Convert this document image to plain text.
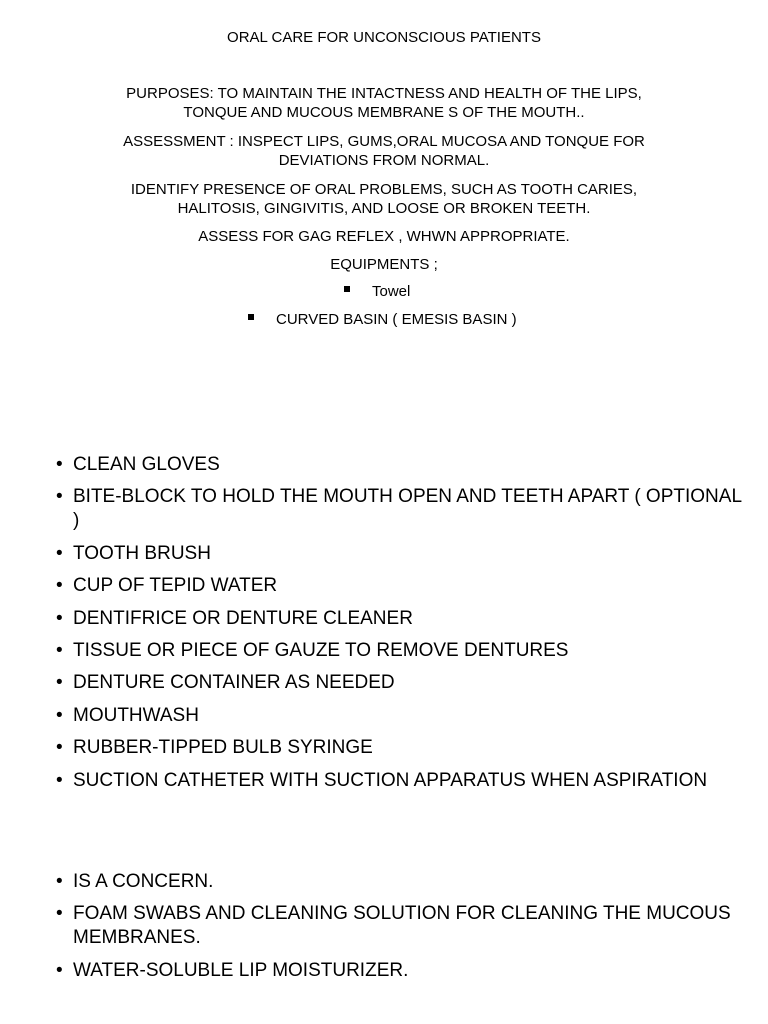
ORAL CARE FOR UNCONSCIOUS PATIENTS
PURPOSES: TO MAINTAIN THE INTACTNESS AND HEALTH OF THE LIPS, TONQUE AND MUCOUS MEMBRANE S OF THE MOUTH..
ASSESSMENT : INSPECT LIPS, GUMS,ORAL MUCOSA AND TONQUE FOR DEVIATIONS FROM NORMAL.
IDENTIFY PRESENCE OF ORAL PROBLEMS, SUCH AS TOOTH CARIES, HALITOSIS, GINGIVITIS, AND LOOSE OR BROKEN TEETH.
ASSESS FOR GAG REFLEX , WHWN APPROPRIATE.
EQUIPMENTS ;
Towel
CURVED BASIN ( EMESIS BASIN )
• CLEAN GLOVES
• BITE-BLOCK TO HOLD THE MOUTH OPEN AND TEETH APART ( OPTIONAL )
• TOOTH BRUSH
• CUP OF TEPID WATER
• DENTIFRICE OR DENTURE CLEANER
• TISSUE OR PIECE OF GAUZE TO REMOVE DENTURES
• DENTURE CONTAINER AS NEEDED
• MOUTHWASH
• RUBBER-TIPPED BULB SYRINGE
• SUCTION CATHETER WITH SUCTION APPARATUS WHEN ASPIRATION
• IS A CONCERN.
• FOAM SWABS AND CLEANING SOLUTION FOR CLEANING THE MUCOUS MEMBRANES.
• WATER-SOLUBLE LIP MOISTURIZER.
